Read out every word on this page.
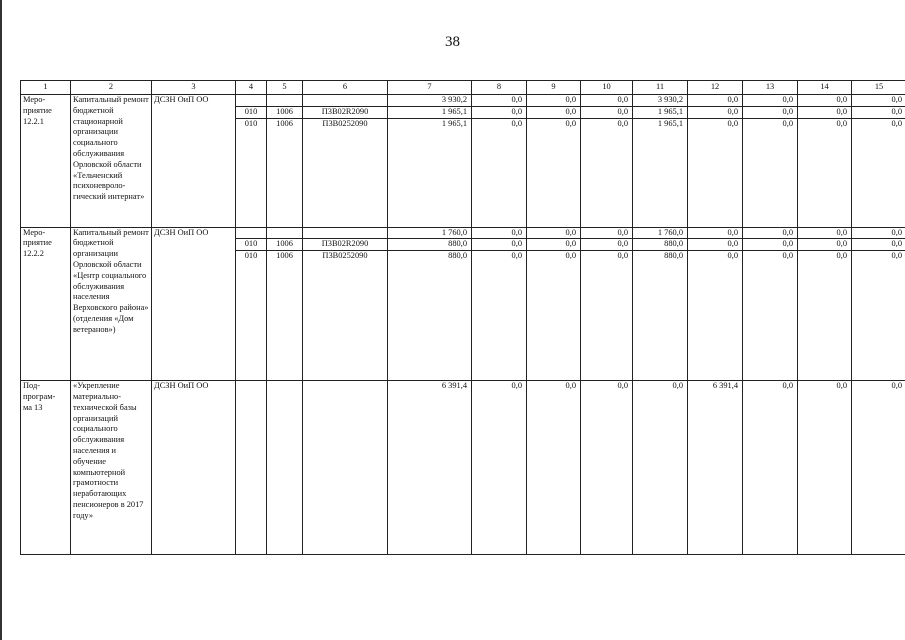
38
1	2	3	4	5	6	7	8	9	10	11	12	13	14	15

Меро-
приятие
12.2.1	Капитальный ремонт бюджетной стационарной организации социального обслуживания Орловской области «Тельченский психоневроло-гический интернат»	ДСЗН ОиП ОО				3 930,2	0,0	0,0	0,0	3 930,2	0,0	0,0	0,0	0,0
			010	1006	П3В02R2090	1 965,1	0,0	0,0	0,0	1 965,1	0,0	0,0	0,0	0,0
			010	1006	П3В0252090	1 965,1	0,0	0,0	0,0	1 965,1	0,0	0,0	0,0	0,0

Меро-
приятие
12.2.2	Капитальный ремонт бюджетной организации Орловской области «Центр социального обслуживания населения Верховского района» (отделения «Дом ветеранов»)	ДСЗН ОиП ОО				1 760,0	0,0	0,0	0,0	1 760,0	0,0	0,0	0,0	0,0
			010	1006	П3В02R2090	880,0	0,0	0,0	0,0	880,0	0,0	0,0	0,0	0,0
			010	1006	П3В0252090	880,0	0,0	0,0	0,0	880,0	0,0	0,0	0,0	0,0

Под-
програм-
ма 13	«Укрепление материально-технической базы организаций социального обслуживания населения и обучение компьютерной грамотности неработающих пенсионеров в 2017 году»	ДСЗН ОиП ОО				6 391,4	0,0	0,0	0,0	0,0	6 391,4	0,0	0,0	0,0
